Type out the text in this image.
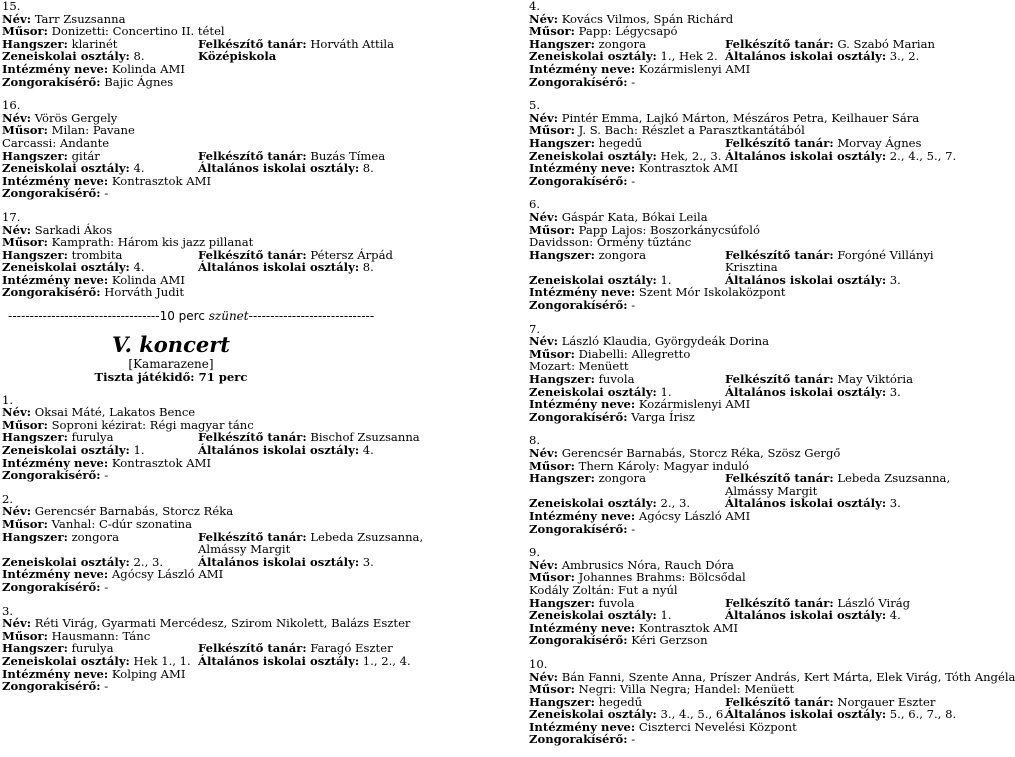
15.
Név: Tarr Zsuzsanna
Műsor: Donizetti: Concertino II. tétel
Hangszer: klarinét	Felkészítő tanár: Horváth Attila
Zeneiskolai osztály: 8.	Középiskola
Intézmény neve: Kolinda AMI
Zongorakísérő: Bajic Ágnes
16.
Név: Vörös Gergely
Műsor: Milan: Pavane
Carcassi: Andante
Hangszer: gitár	Felkészítő tanár: Buzás Tímea
Zeneiskolai osztály: 4.	Általános iskolai osztály: 8.
Intézmény neve: Kontrasztok AMI
Zongorakísérő: -
17.
Név: Sarkadi Ákos
Műsor: Kamprath: Három kis jazz pillanat
Hangszer: trombita	Felkészítő tanár: Pétersz Árpád
Zeneiskolai osztály: 4.	Általános iskolai osztály: 8.
Intézmény neve: Kolinda AMI
Zongorakísérő: Horváth Judit
-----------------------------------10 perc szünet-----------------------------
V. koncert
[Kamarazene]
Tiszta játékidő: 71 perc
1.
Név: Oksai Máté, Lakatos Bence
Műsor: Soproni kézirat: Régi magyar tánc
Hangszer: furulya	Felkészítő tanár: Bischof Zsuzsanna
Zeneiskolai osztály: 1.	Általános iskolai osztály: 4.
Intézmény neve: Kontrasztok AMI
Zongorakísérő: -
2.
Név: Gerencsér Barnabás, Storcz Réka
Műsor: Vanhal: C-dúr szonatina
Hangszer: zongora	Felkészítő tanár: Lebeda Zsuzsanna, Almássy Margit
Zeneiskolai osztály: 2., 3.	Általános iskolai osztály: 3.
Intézmény neve: Agócsy László AMI
Zongorakísérő: -
3.
Név: Réti Virág, Gyarmati Mercédesz, Szirom Nikolett, Balázs Eszter
Műsor: Hausmann: Tánc
Hangszer: furulya	Felkészítő tanár: Faragó Eszter
Zeneiskolai osztály: Hek 1., 1. Általános iskolai osztály: 1., 2., 4.
Intézmény neve: Kolping AMI
Zongorakísérő: -
4.
Név: Kovács Vilmos, Spán Richárd
Műsor: Papp: Légycsapó
Hangszer: zongora	Felkészítő tanár: G. Szabó Marian
Zeneiskolai osztály: 1., Hek 2. Általános iskolai osztály: 3., 2.
Intézmény neve: Kozármislenyi AMI
Zongorakísérő: -
5.
Név: Pintér Emma, Lajkó Márton, Mészáros Petra, Keilhauer Sára
Műsor: J. S. Bach: Részlet a Parasztkantátából
Hangszer: hegedű	Felkészítő tanár: Morvay Ágnes
Zeneiskolai osztály: Hek, 2., 3. Általános iskolai osztály: 2., 4., 5., 7.
Intézmény neve: Kontrasztok AMI
Zongorakísérő: -
6.
Név: Gáspár Kata, Bókai Leila
Műsor: Papp Lajos: Boszorkánycsúfoló
Davidsson: Örmény tűztánc
Hangszer: zongora	Felkészítő tanár: Forgóné Villányi Krisztina
Zeneiskolai osztály: 1.	Általános iskolai osztály: 3.
Intézmény neve: Szent Mór Iskolaközpont
Zongorakísérő: -
7.
Név: László Klaudia, Györgydeák Dorina
Műsor: Diabelli: Allegretto
Mozart: Menüett
Hangszer: fuvola	Felkészítő tanár: May Viktória
Zeneiskolai osztály: 1.	Általános iskolai osztály: 3.
Intézmény neve: Kozármislenyi AMI
Zongorakísérő: Varga Írisz
8.
Név: Gerencsér Barnabás, Storcz Réka, Szösz Gergő
Műsor: Thern Károly: Magyar induló
Hangszer: zongora	Felkészítő tanár: Lebeda Zsuzsanna, Almássy Margit
Zeneiskolai osztály: 2., 3.	Általános iskolai osztály: 3.
Intézmény neve: Agócsy László AMI
Zongorakísérő: -
9.
Név: Ambrusics Nóra, Rauch Dóra
Műsor: Johannes Brahms: Bölcsődal
Kodály Zoltán: Fut a nyúl
Hangszer: fuvola	Felkészítő tanár: László Virág
Zeneiskolai osztály: 1.	Általános iskolai osztály: 4.
Intézmény neve: Kontrasztok AMI
Zongorakísérő: Kéri Gerzson
10.
Név: Bán Fanni, Szente Anna, Príszer András, Kert Márta, Elek Virág, Tóth Angéla
Műsor: Negri: Villa Negra; Handel: Menüett
Hangszer: hegedű	Felkészítő tanár: Norgauer Eszter
Zeneiskolai osztály: 3., 4., 5., 6.
Általános iskolai osztály: 5., 6., 7., 8.
Intézmény neve: Ciszterci Nevelési Központ
Zongorakísérő: -
